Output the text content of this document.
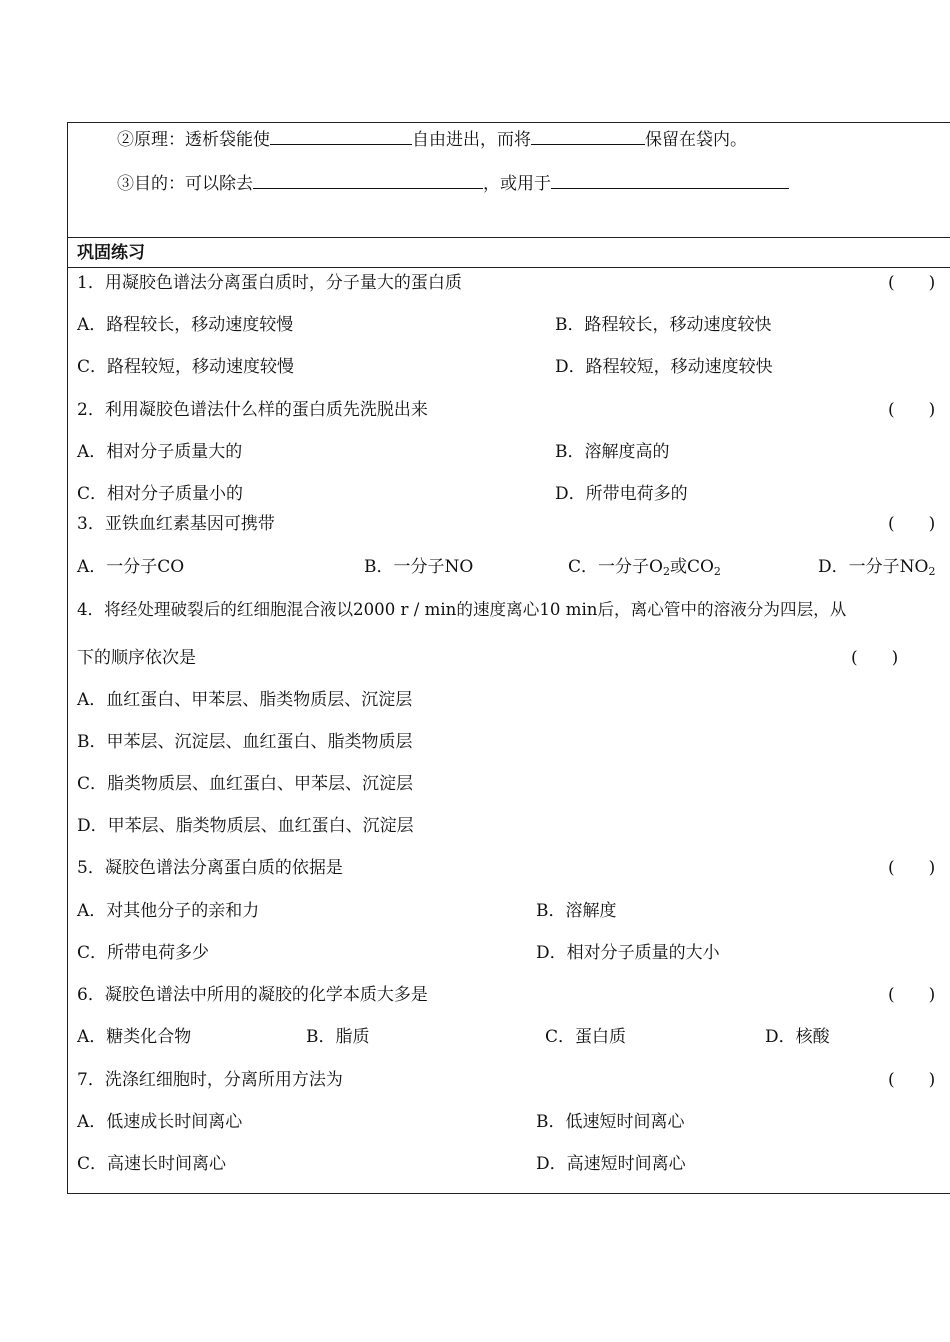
②原理：透析袋能使	自由进出，而将	保留在袋内。
③目的：可以除去	，或用于
巩固练习
1．用凝胶色谱法分离蛋白质时，分子量大的蛋白质	(　　)
A．路程较长，移动速度较慢	B．路程较长，移动速度较快
C．路程较短，移动速度较慢	D．路程较短，移动速度较快
2．利用凝胶色谱法什么样的蛋白质先洗脱出来	(　　)
A．相对分子质量大的	B．溶解度高的
C．相对分子质量小的	D．所带电荷多的
3．亚铁血红素基因可携带	(　　)
A．一分子CO	B．一分子NO	C．一分子$O_2$或$CO_2$	D．一分子$NO_2$
4．将经处理破裂后的红细胞混合液以2000 r / min的速度离心10 min后，离心管中的溶液分为四层，从
下的顺序依次是	(　　)
A．血红蛋白、甲苯层、脂类物质层、沉淀层
B．甲苯层、沉淀层、血红蛋白、脂类物质层
C．脂类物质层、血红蛋白、甲苯层、沉淀层
D．甲苯层、脂类物质层、血红蛋白、沉淀层
5．凝胶色谱法分离蛋白质的依据是	(　　)
A．对其他分子的亲和力	B．溶解度
C．所带电荷多少	D．相对分子质量的大小
6．凝胶色谱法中所用的凝胶的化学本质大多是	(　　)
A．糖类化合物	B．脂质	C．蛋白质	D．核酸
7．洗涤红细胞时，分离所用方法为	(　　)
A．低速成长时间离心	B．低速短时间离心
C．高速长时间离心	D．高速短时间离心
